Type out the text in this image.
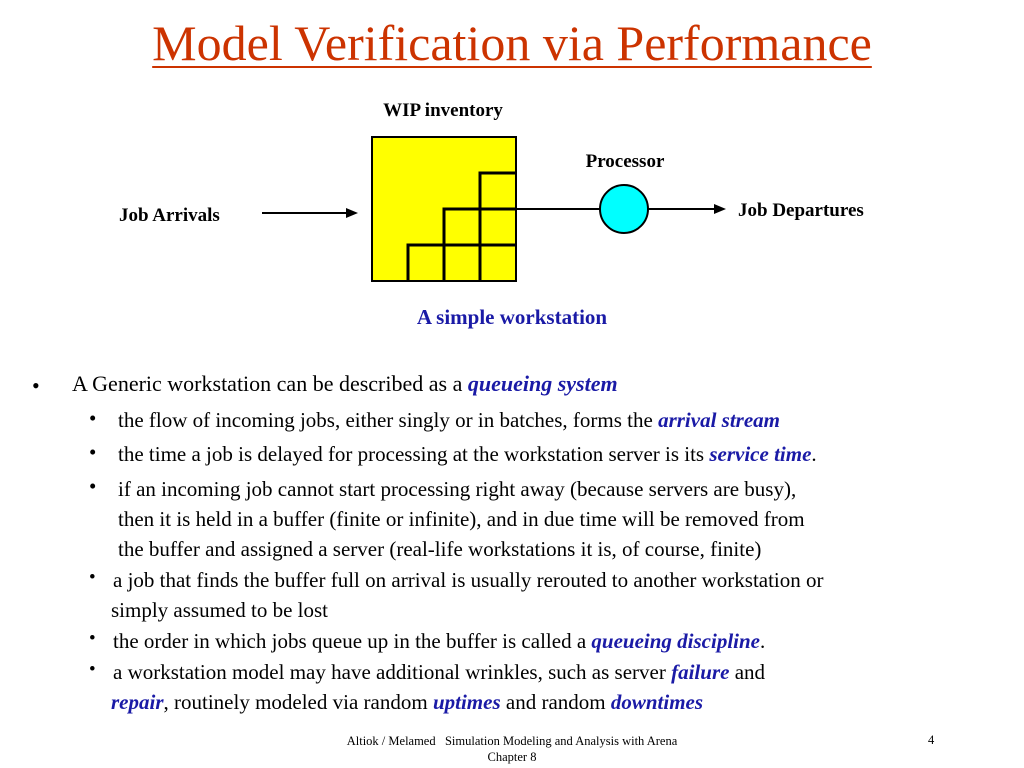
Model Verification via Performance
WIP inventory
Job Arrivals
Processor
Job Departures
A simple workstation
• A Generic workstation can be described as a queueing system
• the flow of incoming jobs, either singly or in batches, forms the arrival stream
• the time a job is delayed for processing at the workstation server is its service time.
• if an incoming job cannot start processing right away (because servers are busy),
then it is held in a buffer (finite or infinite), and in due time will be removed from
the buffer and assigned a server (real-life workstations it is, of course, finite)
• a job that finds the buffer full on arrival is usually rerouted to another workstation or
simply assumed to be lost
• the order in which jobs queue up in the buffer is called a queueing discipline.
• a workstation model may have additional wrinkles, such as server failure and
repair, routinely modeled via random uptimes and random downtimes
Altiok / Melamed   Simulation Modeling and Analysis with Arena
Chapter 8
4
